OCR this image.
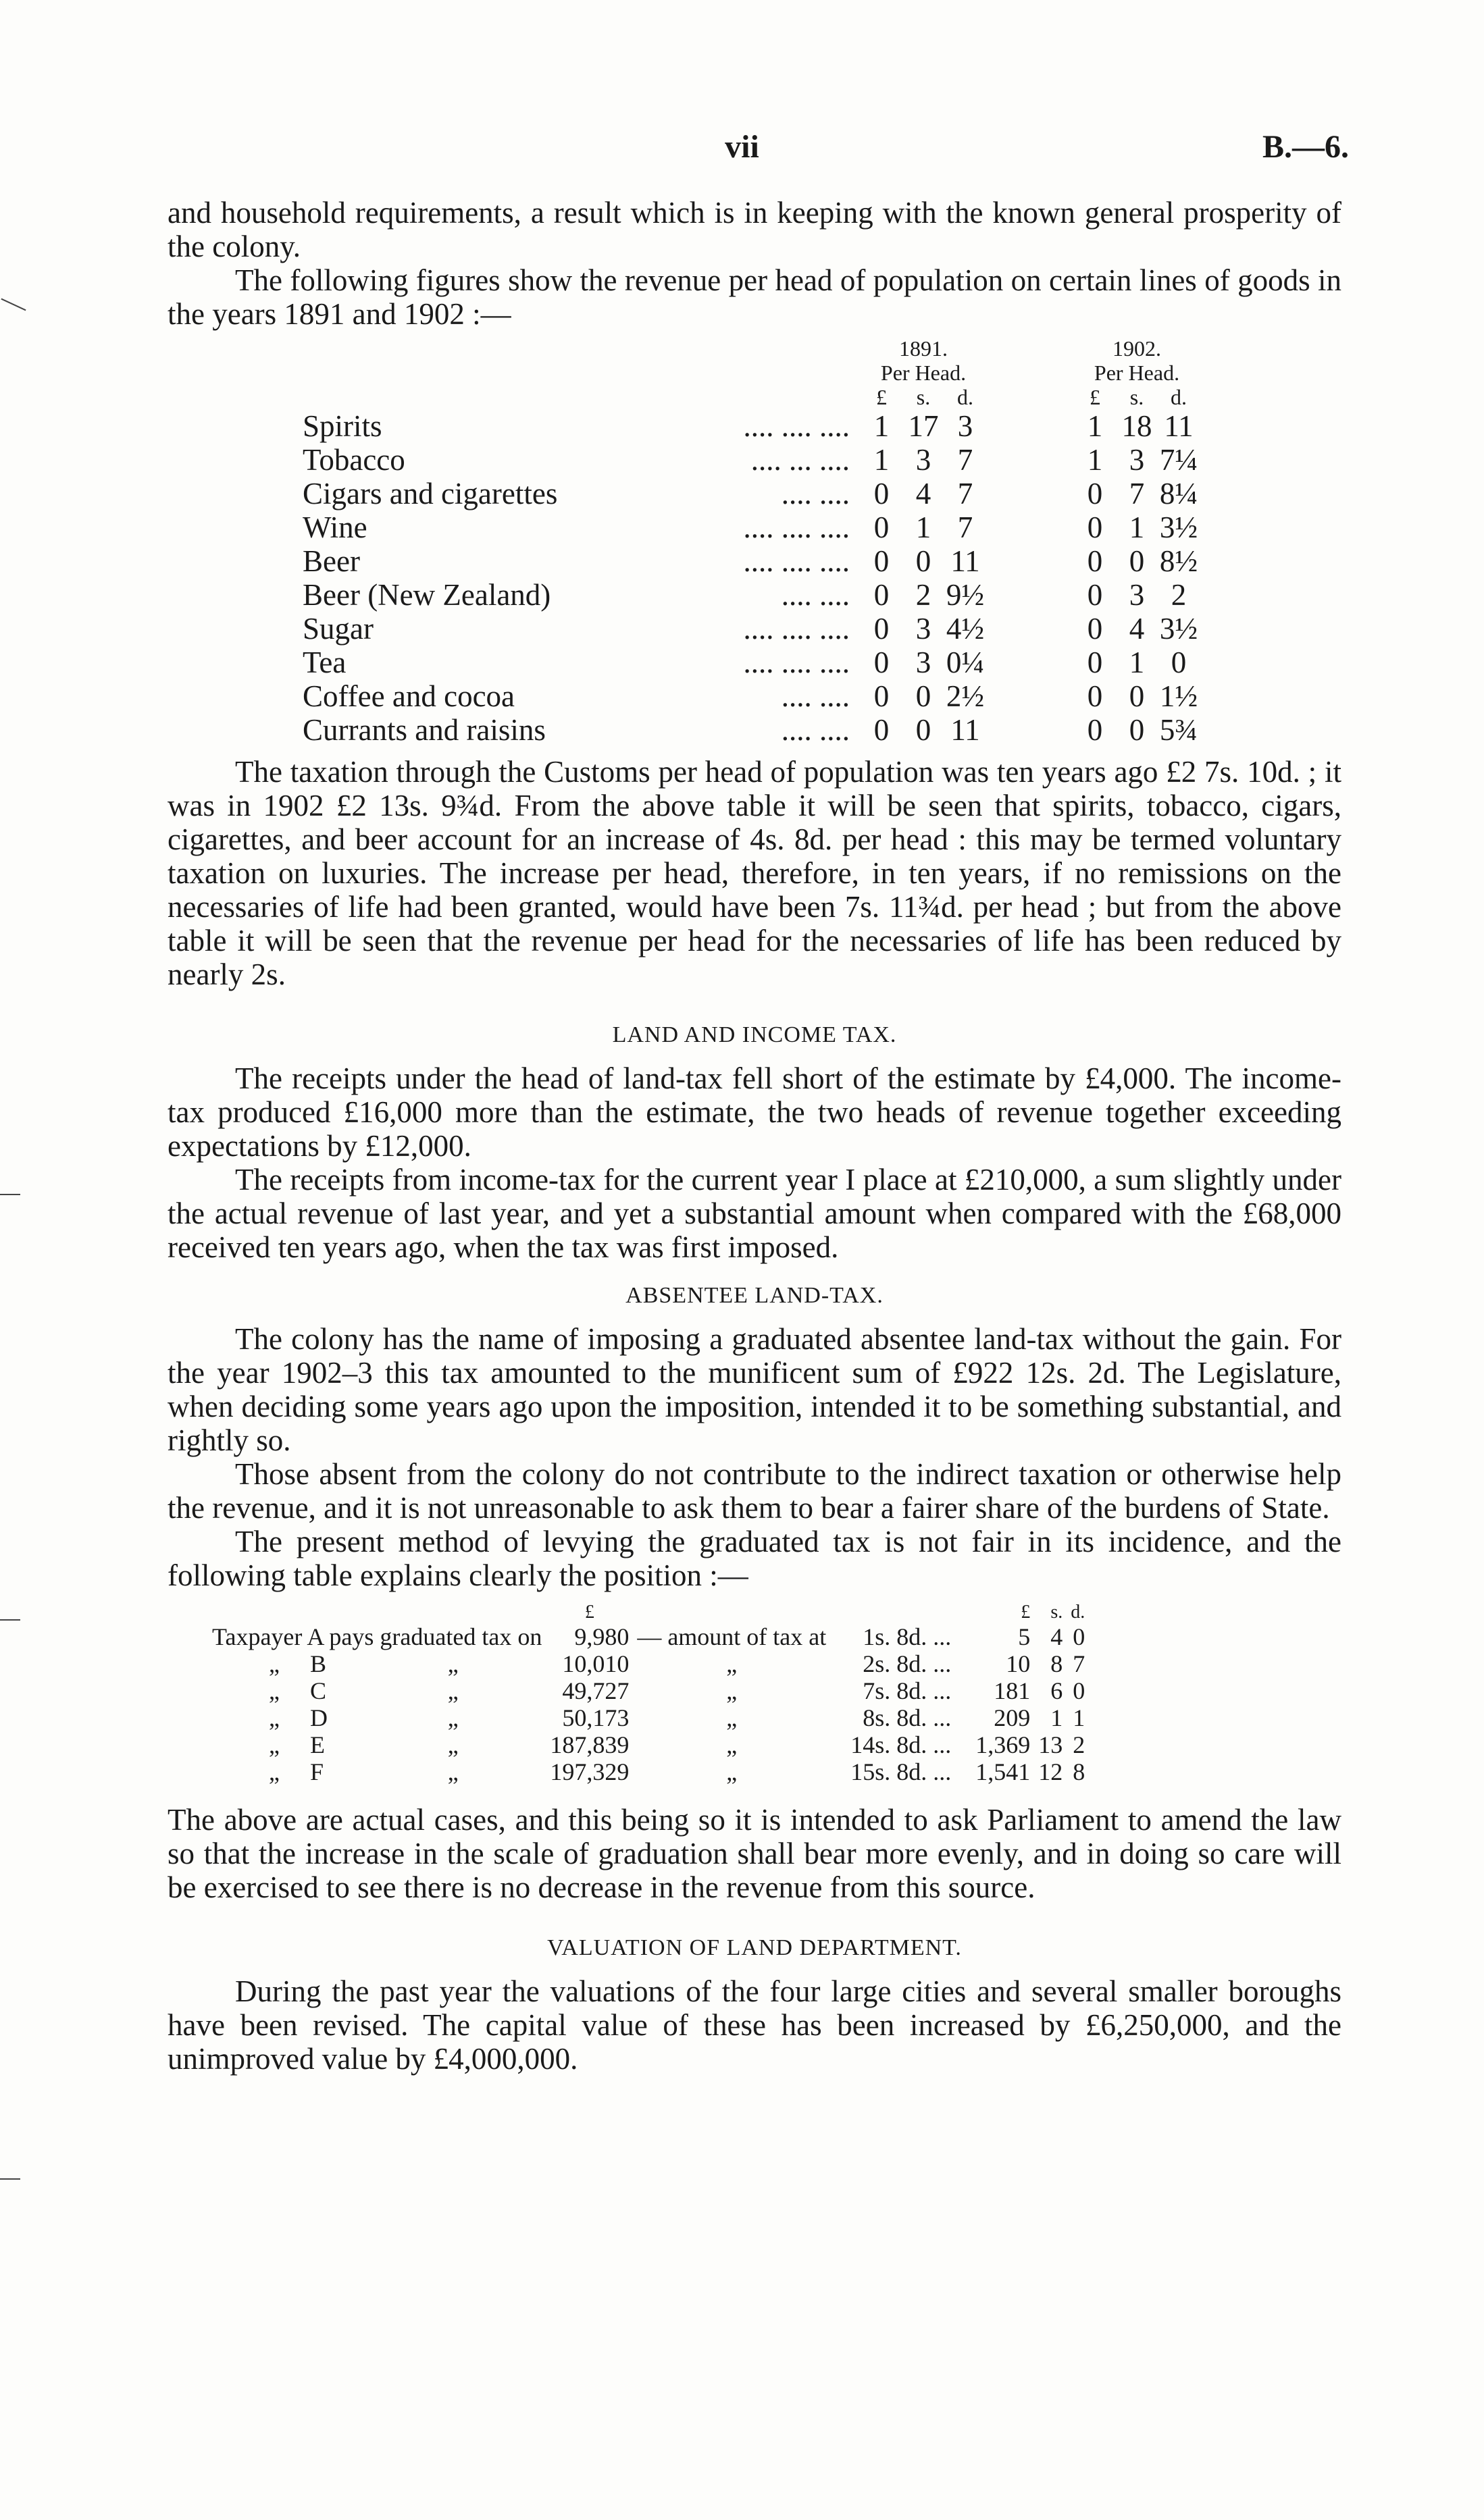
vii	B.—6.

and household requirements, a result which is in keeping with the known general prosperity of the colony.

The following figures show the revenue per head of population on certain lines of goods in the years 1891 and 1902 :—

		1891.				1902.		
		Per Head.				Per Head.		
		£	s.	d.		£	s.	d.
Spirits	.... .... ....	1	17	3		1	18	11
Tobacco	.... ... ....	1	3	7		1	3	7¼
Cigars and cigarettes	.... ....	0	4	7		0	7	8¼
Wine	.... .... ....	0	1	7		0	1	3½
Beer	.... .... ....	0	0	11		0	0	8½
Beer (New Zealand)	.... ....	0	2	9½		0	3	2
Sugar	.... .... ....	0	3	4½		0	4	3½
Tea	.... .... ....	0	3	0¼		0	1	0
Coffee and cocoa	.... ....	0	0	2½		0	0	1½
Currants and raisins	.... ....	0	0	11		0	0	5¾

The taxation through the Customs per head of population was ten years ago £2 7s. 10d. ; it was in 1902 £2 13s. 9¾d. From the above table it will be seen that spirits, tobacco, cigars, cigarettes, and beer account for an increase of 4s. 8d. per head : this may be termed voluntary taxation on luxuries. The increase per head, therefore, in ten years, if no remissions on the necessaries of life had been granted, would have been 7s. 11¾d. per head ; but from the above table it will be seen that the revenue per head for the necessaries of life has been reduced by nearly 2s.

LAND AND INCOME TAX.

The receipts under the head of land-tax fell short of the estimate by £4,000. The income-tax produced £16,000 more than the estimate, the two heads of revenue together exceeding expectations by £12,000.

The receipts from income-tax for the current year I place at £210,000, a sum slightly under the actual revenue of last year, and yet a substantial amount when compared with the £68,000 received ten years ago, when the tax was first imposed.

ABSENTEE LAND-TAX.

The colony has the name of imposing a graduated absentee land-tax without the gain. For the year 1902–3 this tax amounted to the munificent sum of £922 12s. 2d. The Legislature, when deciding some years ago upon the imposition, intended it to be something substantial, and rightly so.

Those absent from the colony do not contribute to the indirect taxation or otherwise help the revenue, and it is not unreasonable to ask them to bear a fairer share of the burdens of State.

The present method of levying the graduated tax is not fair in its incidence, and the following table explains clearly the position :—

		£			£	s.	d.
Taxpayer A pays graduated tax on		9,980	— amount of tax at	1s. 8d. ...	5	4	0
„ B	„	10,010	„	2s. 8d. ...	10	8	7
„ C	„	49,727	„	7s. 8d. ...	181	6	0
„ D	„	50,173	„	8s. 8d. ...	209	1	1
„ E	„	187,839	„	14s. 8d. ...	1,369	13	2
„ F	„	197,329	„	15s. 8d. ...	1,541	12	8

The above are actual cases, and this being so it is intended to ask Parliament to amend the law so that the increase in the scale of graduation shall bear more evenly, and in doing so care will be exercised to see there is no decrease in the revenue from this source.

VALUATION OF LAND DEPARTMENT.

During the past year the valuations of the four large cities and several smaller boroughs have been revised. The capital value of these has been increased by £6,250,000, and the unimproved value by £4,000,000.
